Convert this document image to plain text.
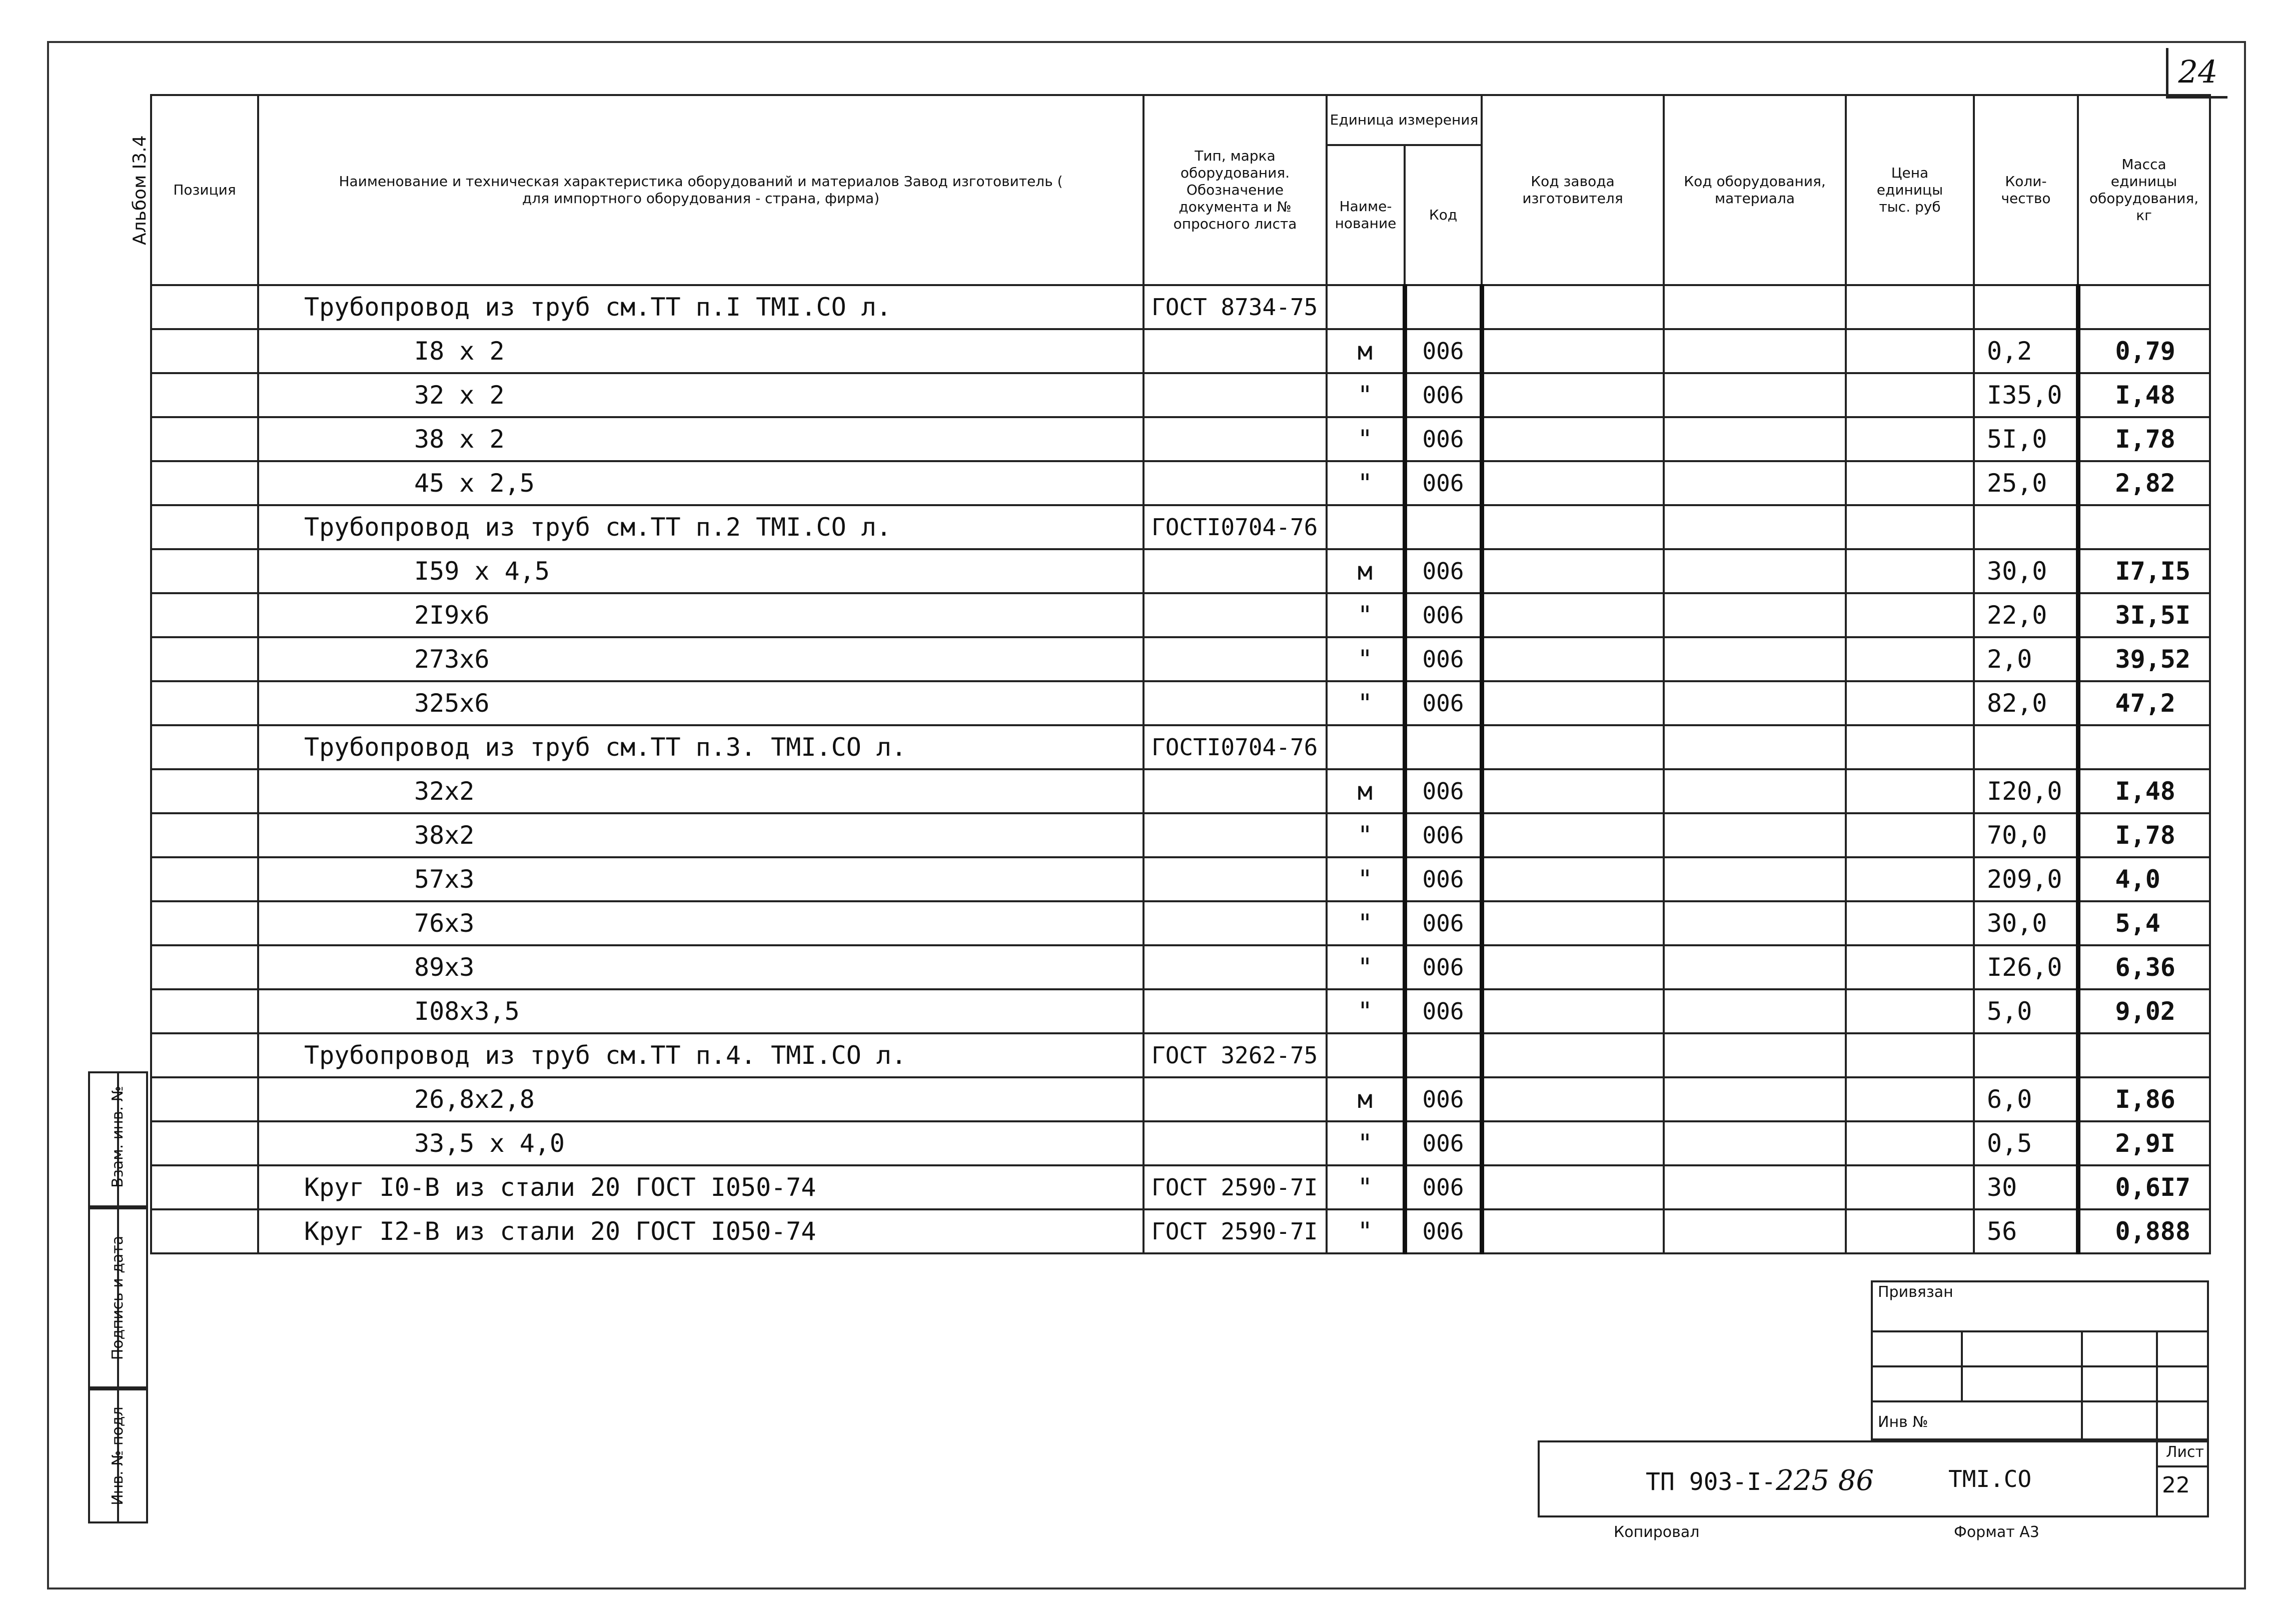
24
Альбом I3.4
Взам. инв. №
Подпись и дата
Инв. № подл
Позиция	Наименование и техническая характеристика оборудований и материалов Завод изготовитель ( для импортного оборудования - страна, фирма)	Тип, марка оборудования. Обозначение документа и № опросного листа	Единица измерения		Код завода изготовителя	Код оборудования, материала	Цена единицы тыс. руб	Коли-чество	Масса единицы оборудования, кг
			Наиме-нование	Код					
	Трубопровод из труб см.ТТ п.I ТМI.СО л.	ГОСТ 8734-75							
	I8 х 2		м	006				0,2	0,79
	32 х 2		"	006				I35,0	I,48
	38 х 2		"	006				5I,0	I,78
	45 х 2,5		"	006				25,0	2,82
	Трубопровод из труб см.ТТ п.2 ТМI.СО л.	ГОСТI0704-76							
	I59 х 4,5		м	006				30,0	I7,I5
	2I9х6		"	006				22,0	3I,5I
	273х6		"	006				2,0	39,52
	325х6		"	006				82,0	47,2
	Трубопровод из труб см.ТТ п.3. ТМI.СО л.	ГОСТI0704-76							
	32х2		м	006				I20,0	I,48
	38х2		"	006				70,0	I,78
	57х3		"	006				209,0	4,0
	76х3		"	006				30,0	5,4
	89х3		"	006				I26,0	6,36
	I08х3,5		"	006				5,0	9,02
	Трубопровод из труб см.ТТ п.4. ТМI.СО л.	ГОСТ 3262-75							
	26,8х2,8		м	006				6,0	I,86
	33,5 х 4,0		"	006				0,5	2,9I
	Круг I0-В из стали 20 ГОСТ I050-74	ГОСТ 2590-7I	"	006				30	0,6I7
	Круг I2-В из стали 20 ГОСТ I050-74	ГОСТ 2590-7I	"	006				56	0,888
Привязан
Инв №
ТП 903-I-225 86	ТМI.СО
Лист
22
Копировал	Формат А3
